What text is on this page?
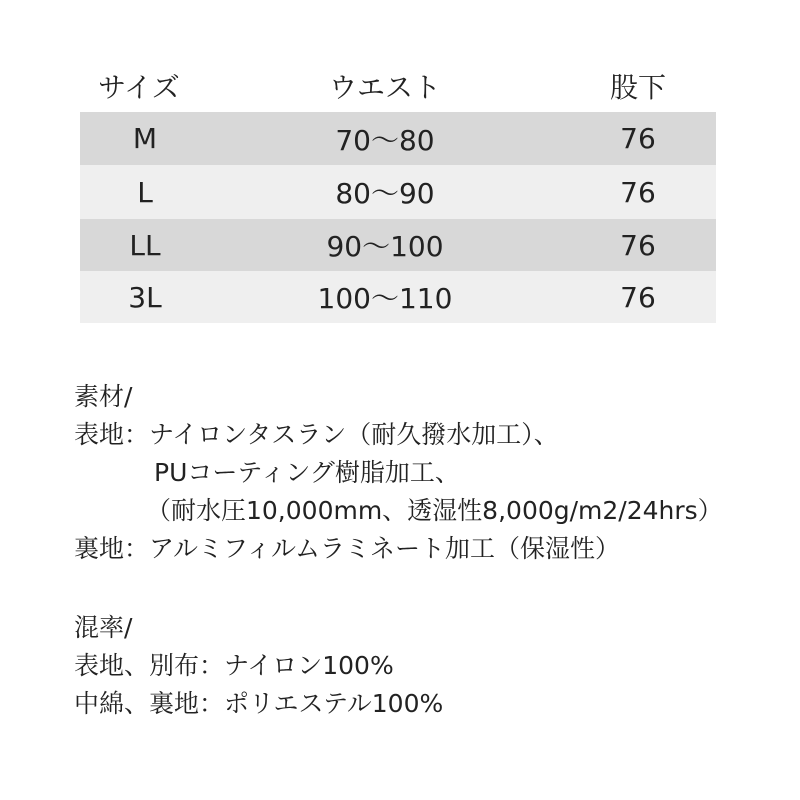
サイズ	ウエスト	股下
M	70〜80	76
L	80〜90	76
LL	90〜100	76
3L	100〜110	76
素材/
表地：ナイロンタスラン（耐久撥水加工）、
PUコーティング樹脂加工、
（耐水圧10,000mm、透湿性8,000g/m2/24hrs）
裏地：アルミフィルムラミネート加工（保湿性）
混率/
表地、別布：ナイロン100%
中綿、裏地：ポリエステル100%
